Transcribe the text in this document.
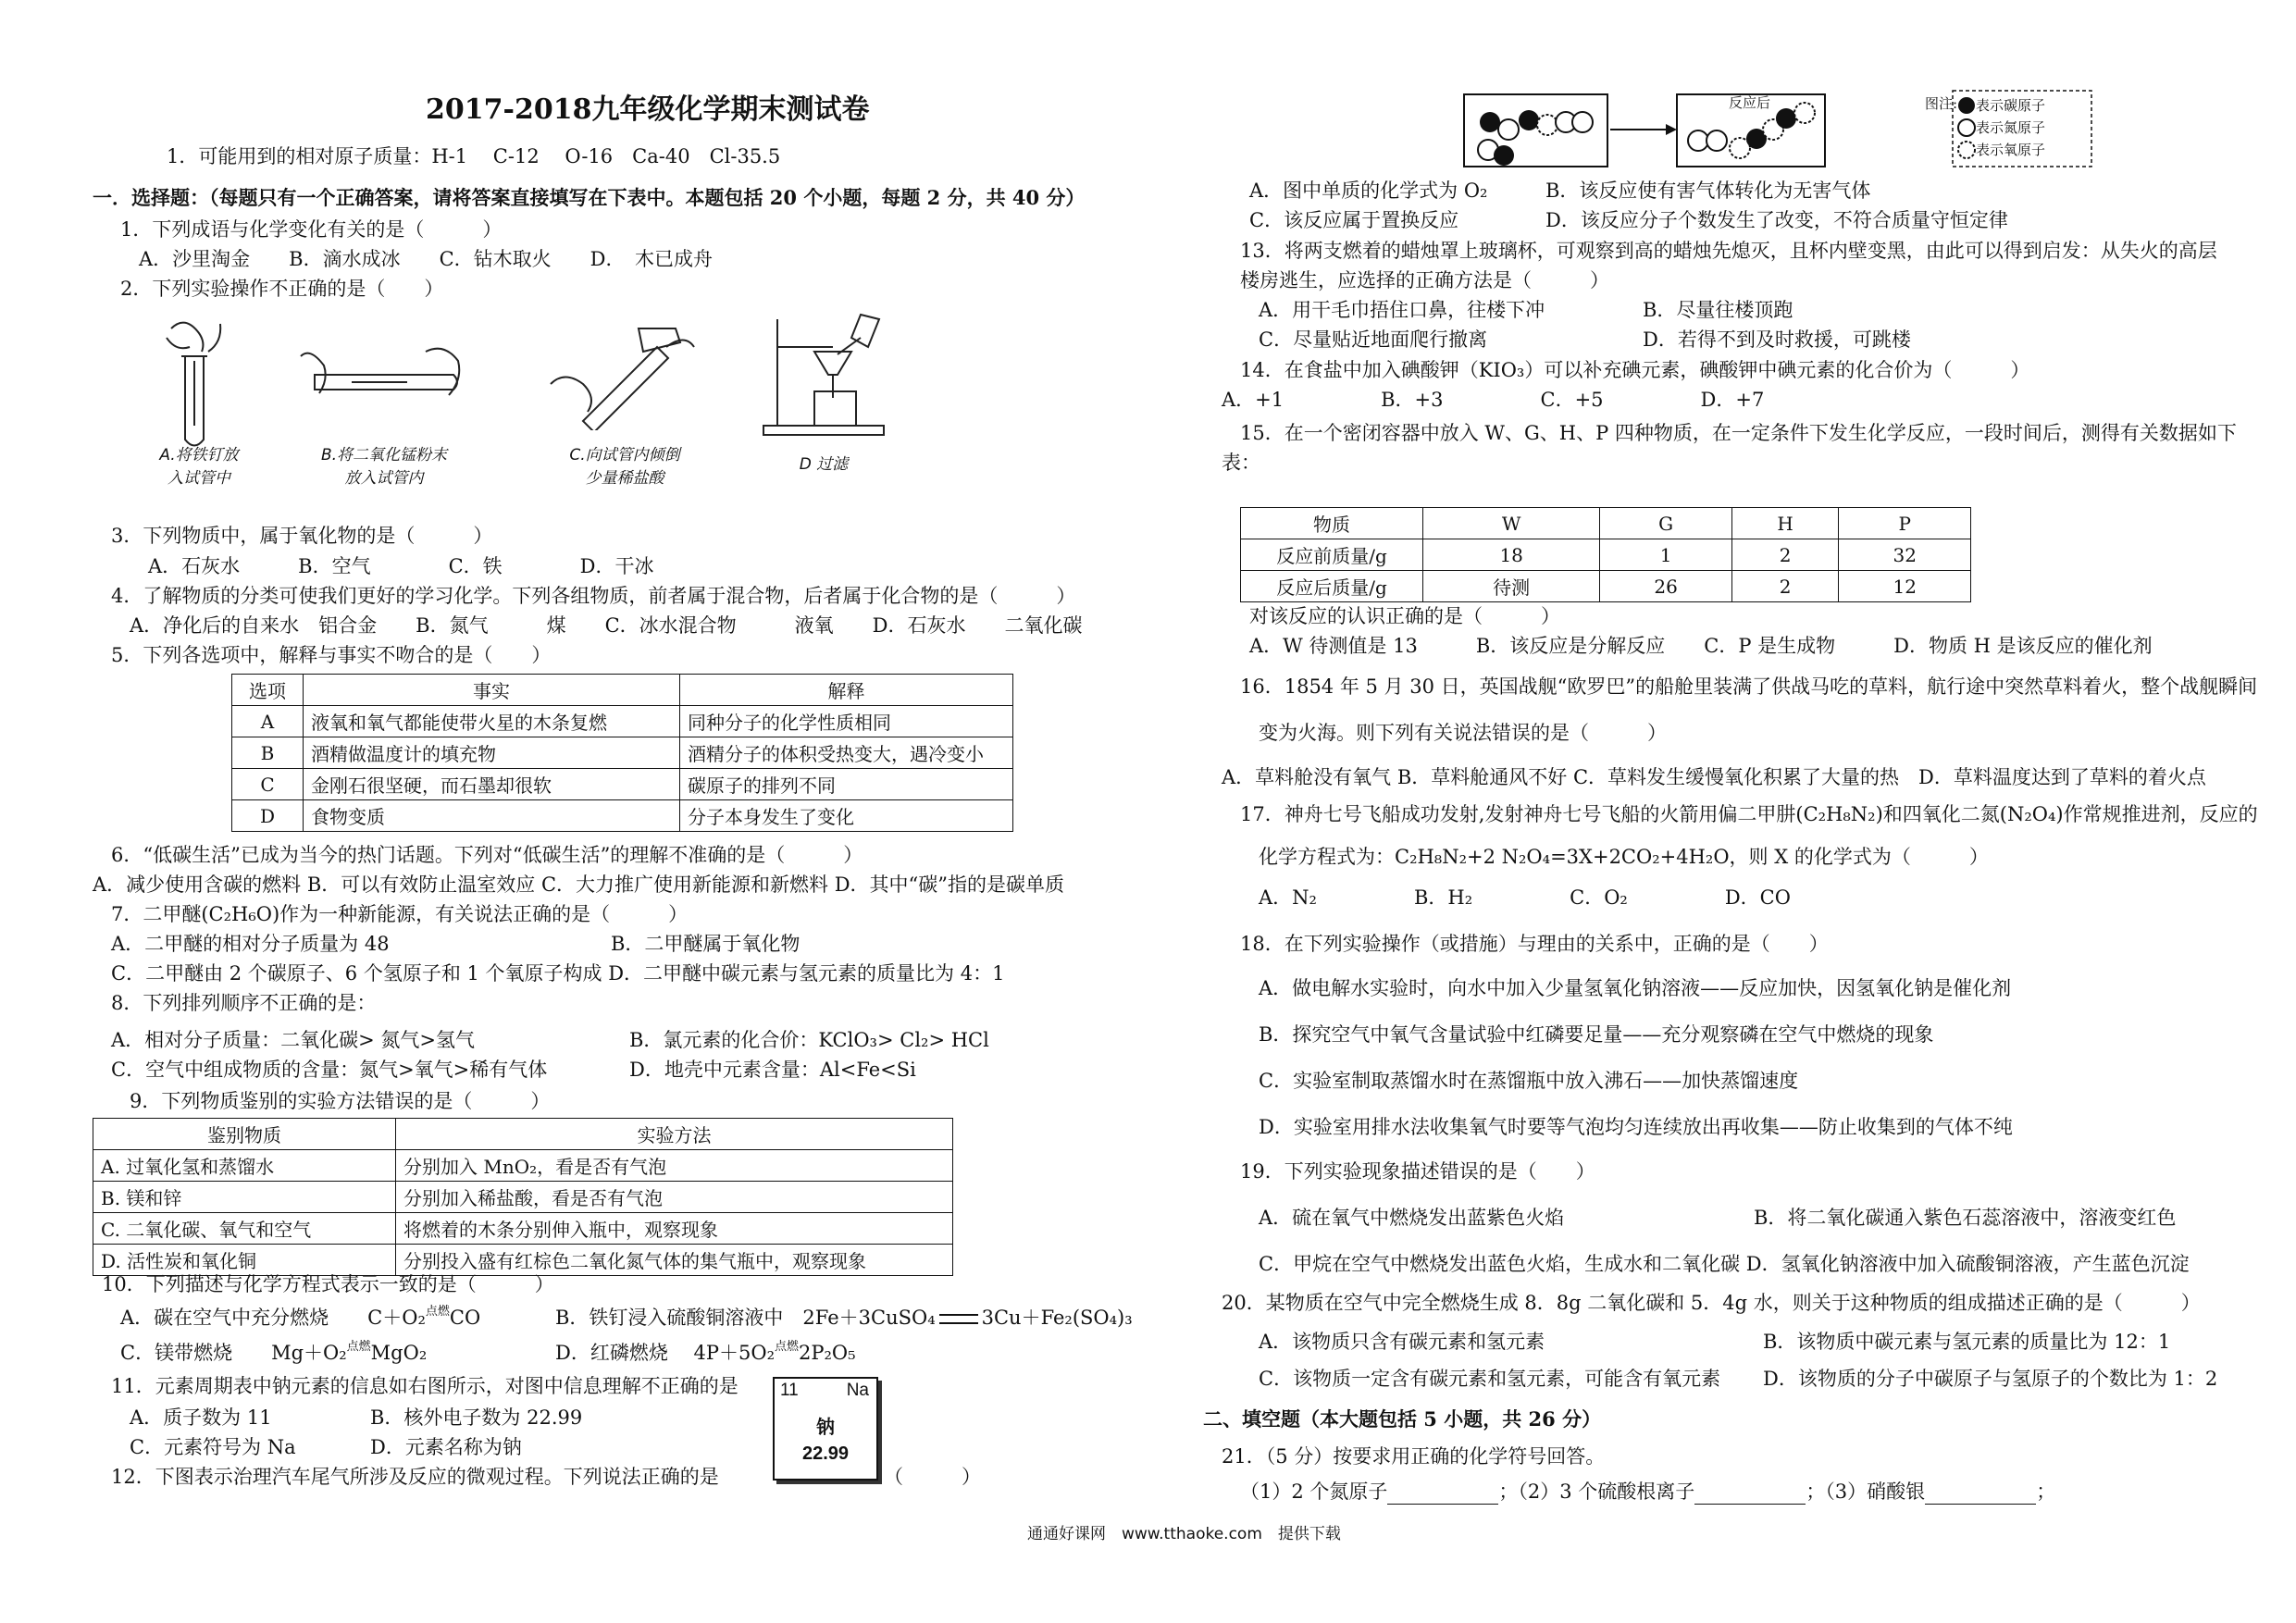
2017-2018九年级化学期末测试卷
1．可能用到的相对原子质量：H-1　 C-12　 O-16　Ca-40　Cl-35.5
一．选择题：（每题只有一个正确答案，请将答案直接填写在下表中。本题包括 20 个小题，每题 2 分，共 40 分）
1．下列成语与化学变化有关的是（　　　）
A．沙里淘金　　B．滴水成冰　　C．钻木取火　　D．　木已成舟
2．下列实验操作不正确的是（　　）
A.将铁钉放
入试管中
B.将二氧化锰粉末
放入试管内
C.向试管内倾倒
少量稀盐酸
D 过滤
3．下列物质中，属于氧化物的是（　　　）
A．石灰水　　　B．空气　　　　C．铁　　　　D．干冰
4．了解物质的分类可使我们更好的学习化学。下列各组物质，前者属于混合物，后者属于化合物的是（　　　）
A．净化后的自来水　铝合金　　B．氮气　　　煤　　C．冰水混合物　　　液氧　　D．石灰水　　二氧化碳
5．下列各选项中，解释与事实不吻合的是（　　）
选项	事实	解释
A	液氧和氧气都能使带火星的木条复燃	同种分子的化学性质相同
B	酒精做温度计的填充物	酒精分子的体积受热变大，遇冷变小
C	金刚石很坚硬，而石墨却很软	碳原子的排列不同
D	食物变质	分子本身发生了变化
6．“低碳生活”已成为当今的热门话题。下列对“低碳生活”的理解不准确的是（　　　）
A．减少使用含碳的燃料 B．可以有效防止温室效应 C．大力推广使用新能源和新燃料 D．其中“碳”指的是碳单质
7．二甲醚(C₂H₆O)作为一种新能源，有关说法正确的是（　　　）
A．二甲醚的相对分子质量为 48	B．二甲醚属于氧化物
C．二甲醚由 2 个碳原子、6 个氢原子和 1 个氧原子构成 D．二甲醚中碳元素与氢元素的质量比为 4：1
8．下列排列顺序不正确的是：
A．相对分子质量：二氧化碳> 氮气>氢气	B．氯元素的化合价：KClO₃> Cl₂> HCl
C．空气中组成物质的含量：氮气>氧气>稀有气体	D．地壳中元素含量：Al<Fe<Si
9．下列物质鉴别的实验方法错误的是（　　　）
鉴别物质	实验方法
A. 过氧化氢和蒸馏水	分别加入 MnO₂，看是否有气泡
B. 镁和锌	分别加入稀盐酸，看是否有气泡
C. 二氧化碳、氧气和空气	将燃着的木条分别伸入瓶中，观察现象
D. 活性炭和氧化铜	分别投入盛有红棕色二氧化氮气体的集气瓶中，观察现象
10．下列描述与化学方程式表示一致的是（　　　）
A．碳在空气中充分燃烧　　C＋O₂$^{点燃}$CO	B．铁钉浸入硫酸铜溶液中　2Fe＋3CuSO₄ 3Cu＋Fe₂(SO₄)₃
C．镁带燃烧　　Mg＋O₂$^{点燃}$MgO₂	D．红磷燃烧　 4P＋5O₂$^{点燃}$2P₂O₅
11．元素周期表中钠元素的信息如右图所示，对图中信息理解不正确的是
A．质子数为 11	B．核外电子数为 22.99
C．元素符号为 Na	D．元素名称为钠
11	Na
钠
22.99
12．下图表示治理汽车尾气所涉及反应的微观过程。下列说法正确的是	（　　　）
反应后	图注: 表示碳原子
表示氮原子
表示氧原子
A．图中单质的化学式为 O₂	B．该反应使有害气体转化为无害气体
C．该反应属于置换反应	D．该反应分子个数发生了改变，不符合质量守恒定律
13．将两支燃着的蜡烛罩上玻璃杯，可观察到高的蜡烛先熄灭，且杯内壁变黑，由此可以得到启发：从失火的高层
楼房逃生，应选择的正确方法是（　　　）
A．用干毛巾捂住口鼻，往楼下冲	B．尽量往楼顶跑
C．尽量贴近地面爬行撤离	D．若得不到及时救援，可跳楼
14．在食盐中加入碘酸钾（KIO₃）可以补充碘元素，碘酸钾中碘元素的化合价为（　　　）
A．+1　　　　　B．+3　　　　　C．+5　　　　　D．+7
15．在一个密闭容器中放入 W、G、H、P 四种物质，在一定条件下发生化学反应，一段时间后，测得有关数据如下
表：
物质	W	G	H	P
反应前质量/g	18	1	2	32
反应后质量/g	待测	26	2	12
对该反应的认识正确的是（　　　）
A．W 待测值是 13　　　B．该反应是分解反应　　C．P 是生成物　　　D．物质 H 是该反应的催化剂
16．1854 年 5 月 30 日，英国战舰“欧罗巴”的船舱里装满了供战马吃的草料，航行途中突然草料着火，整个战舰瞬间
变为火海。则下列有关说法错误的是（　　　）
A．草料舱没有氧气 B．草料舱通风不好 C．草料发生缓慢氧化积累了大量的热　D．草料温度达到了草料的着火点
17．神舟七号飞船成功发射,发射神舟七号飞船的火箭用偏二甲肼(C₂H₈N₂)和四氧化二氮(N₂O₄)作常规推进剂，反应的
化学方程式为：C₂H₈N₂+2 N₂O₄=3X+2CO₂+4H₂O，则 X 的化学式为（　　　）
A．N₂　　　　　B．H₂　　　　　C．O₂　　　　　D．CO
18．在下列实验操作（或措施）与理由的关系中，正确的是（　　）
A．做电解水实验时，向水中加入少量氢氧化钠溶液——反应加快，因氢氧化钠是催化剂
B．探究空气中氧气含量试验中红磷要足量——充分观察磷在空气中燃烧的现象
C．实验室制取蒸馏水时在蒸馏瓶中放入沸石——加快蒸馏速度
D．实验室用排水法收集氧气时要等气泡均匀连续放出再收集——防止收集到的气体不纯
19．下列实验现象描述错误的是（　　）
A．硫在氧气中燃烧发出蓝紫色火焰	B．将二氧化碳通入紫色石蕊溶液中，溶液变红色
C．甲烷在空气中燃烧发出蓝色火焰，生成水和二氧化碳 D．氢氧化钠溶液中加入硫酸铜溶液，产生蓝色沉淀
20．某物质在空气中完全燃烧生成 8．8g 二氧化碳和 5．4g 水，则关于这种物质的组成描述正确的是（　　　）
A．该物质只含有碳元素和氢元素	B．该物质中碳元素与氢元素的质量比为 12：1
C．该物质一定含有碳元素和氢元素，可能含有氧元素 D．该物质的分子中碳原子与氢原子的个数比为 1：2
二、填空题（本大题包括 5 小题，共 26 分）
21．（5 分）按要求用正确的化学符号回答。
（1）2 个氮原子	；（2）3 个硫酸根离子	；（3）硝酸银	；
通通好课网　www.tthaoke.com　提供下载
